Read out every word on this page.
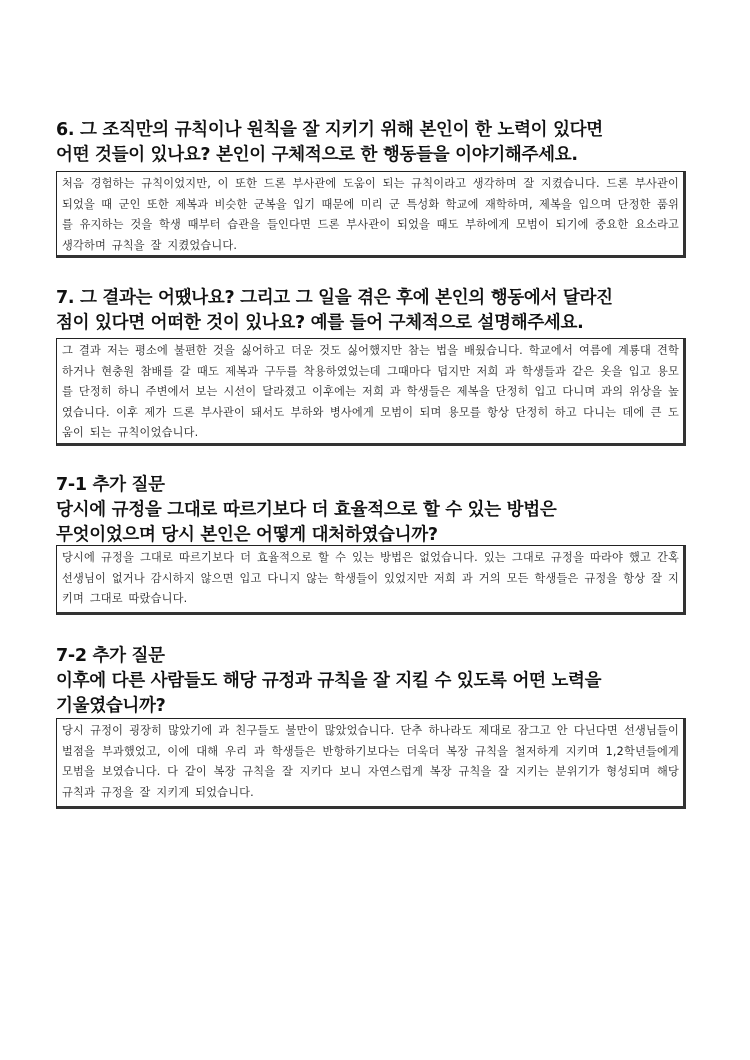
6. 그 조직만의 규칙이나 원칙을 잘 지키기 위해 본인이 한 노력이 있다면
어떤 것들이 있나요? 본인이 구체적으로 한 행동들을 이야기해주세요.

처음 경험하는 규칙이었지만, 이 또한 드론 부사관에 도움이 되는 규칙이라고 생각하며 잘 지켰습니다. 드론 부사관이 되었을 때 군인 또한 제복과 비슷한 군복을 입기 때문에 미리 군 특성화 학교에 재학하며, 제복을 입으며 단정한 품위를 유지하는 것을 학생 때부터 습관을 들인다면 드론 부사관이 되었을 때도 부하에게 모범이 되기에 중요한 요소라고 생각하며 규칙을 잘 지켰었습니다.

7. 그 결과는 어땠나요? 그리고 그 일을 겪은 후에 본인의 행동에서 달라진
점이 있다면 어떠한 것이 있나요? 예를 들어 구체적으로 설명해주세요.

그 결과 저는 평소에 불편한 것을 싫어하고 더운 것도 싫어했지만 참는 법을 배웠습니다. 학교에서 여름에 계룡대 견학하거나 현충원 참배를 갈 때도 제복과 구두를 착용하였었는데 그때마다 덥지만 저희 과 학생들과 같은 옷을 입고 용모를 단정히 하니 주변에서 보는 시선이 달라졌고 이후에는 저희 과 학생들은 제복을 단정히 입고 다니며 과의 위상을 높였습니다. 이후 제가 드론 부사관이 돼서도 부하와 병사에게 모범이 되며 용모를 항상 단정히 하고 다니는 데에 큰 도움이 되는 규칙이었습니다.

7-1 추가 질문
당시에 규정을 그대로 따르기보다 더 효율적으로 할 수 있는 방법은
무엇이었으며 당시 본인은 어떻게 대처하였습니까?

당시에 규정을 그대로 따르기보다 더 효율적으로 할 수 있는 방법은 없었습니다. 있는 그대로 규정을 따라야 했고 간혹 선생님이 없거나 감시하지 않으면 입고 다니지 않는 학생들이 있었지만 저희 과 거의 모든 학생들은 규정을 항상 잘 지키며 그대로 따랐습니다.

7-2 추가 질문
이후에 다른 사람들도 해당 규정과 규칙을 잘 지킬 수 있도록 어떤 노력을
기울였습니까?

당시 규정이 굉장히 많았기에 과 친구들도 불만이 많았었습니다. 단추 하나라도 제대로 잠그고 안 다닌다면 선생님들이 벌점을 부과했었고, 이에 대해 우리 과 학생들은 반항하기보다는 더욱더 복장 규칙을 철저하게 지키며 1,2학년들에게 모범을 보였습니다. 다 같이 복장 규칙을 잘 지키다 보니 자연스럽게 복장 규칙을 잘 지키는 분위기가 형성되며 해당 규칙과 규정을 잘 지키게 되었습니다.
